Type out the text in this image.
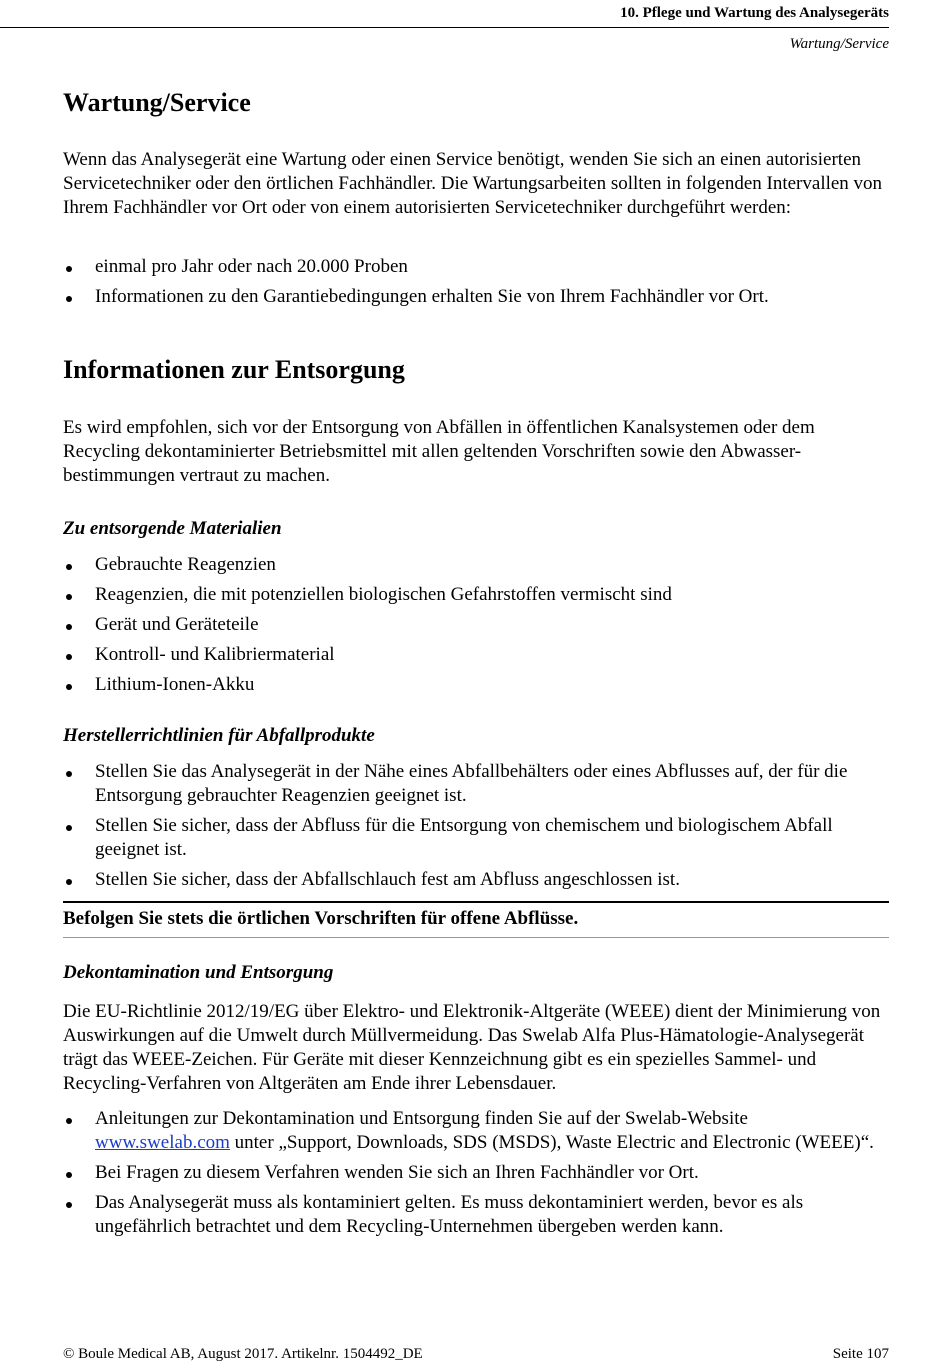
10. Pflege und Wartung des Analysegeräts
Wartung/Service
Wartung/Service

Wenn das Analysegerät eine Wartung oder einen Service benötigt, wenden Sie sich an einen autorisierten Servicetechniker oder den örtlichen Fachhändler. Die Wartungsarbeiten sollten in folgenden Intervallen von Ihrem Fachhändler vor Ort oder von einem autorisierten Servicetechniker durchgeführt werden:

einmal pro Jahr oder nach 20.000 Proben
Informationen zu den Garantiebedingungen erhalten Sie von Ihrem Fachhändler vor Ort.
Informationen zur Entsorgung

Es wird empfohlen, sich vor der Entsorgung von Abfällen in öffentlichen Kanalsystemen oder dem Recycling dekontaminierter Betriebsmittel mit allen geltenden Vorschriften sowie den Abwasser-bestimmungen vertraut zu machen.

Zu entsorgende Materialien
Gebrauchte Reagenzien
Reagenzien, die mit potenziellen biologischen Gefahrstoffen vermischt sind
Gerät und Geräteteile
Kontroll- und Kalibriermaterial
Lithium-Ionen-Akku
Herstellerrichtlinien für Abfallprodukte
Stellen Sie das Analysegerät in der Nähe eines Abfallbehälters oder eines Abflusses auf, der für die Entsorgung gebrauchter Reagenzien geeignet ist.
Stellen Sie sicher, dass der Abfluss für die Entsorgung von chemischem und biologischem Abfall geeignet ist.
Stellen Sie sicher, dass der Abfallschlauch fest am Abfluss angeschlossen ist.
Befolgen Sie stets die örtlichen Vorschriften für offene Abflüsse.
Dekontamination und Entsorgung

Die EU-Richtlinie 2012/19/EG über Elektro- und Elektronik-Altgeräte (WEEE) dient der Minimierung von Auswirkungen auf die Umwelt durch Müllvermeidung. Das Swelab Alfa Plus-Hämatologie-Analysegerät trägt das WEEE-Zeichen. Für Geräte mit dieser Kennzeichnung gibt es ein spezielles Sammel- und Recycling-Verfahren von Altgeräten am Ende ihrer Lebensdauer.

Anleitungen zur Dekontamination und Entsorgung finden Sie auf der Swelab-Website
www.swelab.com unter „Support, Downloads, SDS (MSDS), Waste Electric and Electronic (WEEE)“.
Bei Fragen zu diesem Verfahren wenden Sie sich an Ihren Fachhändler vor Ort.
Das Analysegerät muss als kontaminiert gelten. Es muss dekontaminiert werden, bevor es als ungefährlich betrachtet und dem Recycling-Unternehmen übergeben werden kann.
© Boule Medical AB, August 2017. Artikelnr. 1504492_DE	Seite 107
